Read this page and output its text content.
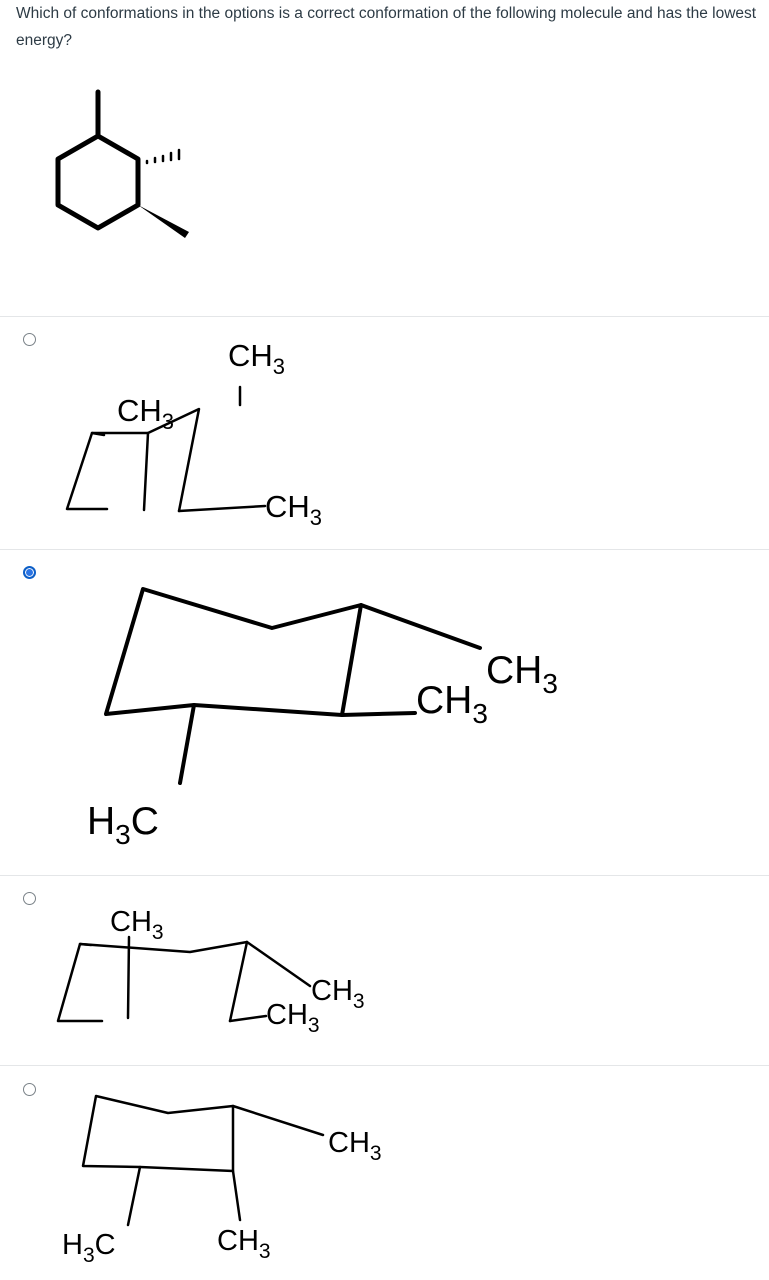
Which of conformations in the options is a correct conformation of the following molecule and has the lowest energy?
$CH_3$
$CH_3$
$CH_3$
$CH_3$
$CH_3$
$H_3C$
$CH_3$
$CH_3$
$CH_3$
$CH_3$
$H_3C$	$CH_3$
